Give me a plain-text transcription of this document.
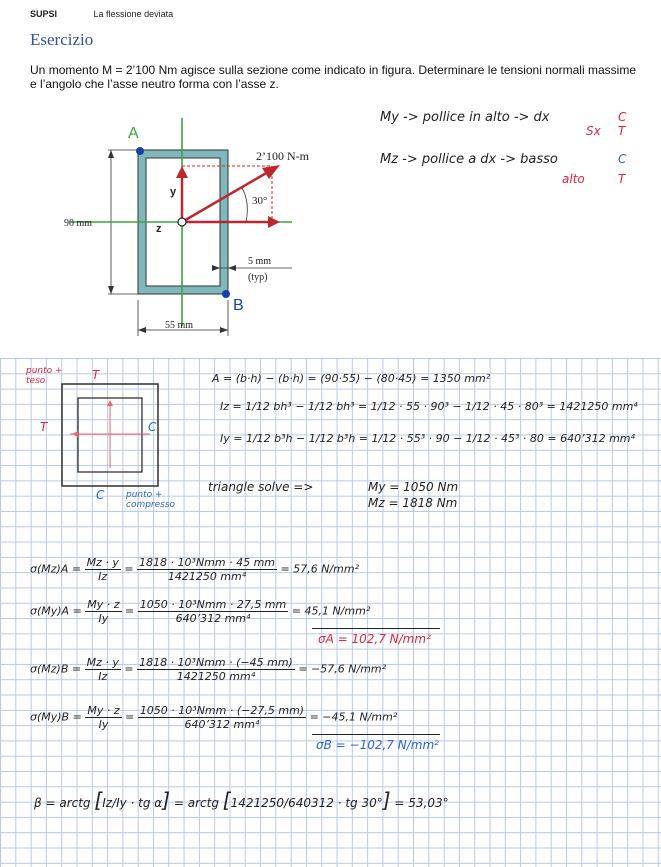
SUPSI	La flessione deviata
Esercizio
Un momento M = 2’100 Nm agisce sulla sezione come indicato in figura. Determinare le tensioni normali massime e l’angolo che l’asse neutro forma con l’asse z.
A
B
2’100 N-m
30°
90 mm
55 mm
5 mm
(typ)
y
z
My -> pollice in alto -> dx	C
Sx T
Mz -> pollice a dx -> basso	C
alto	T
punto + teso	T
T	C
C punto + compresso
A = (b·h) − (b·h) = (90·55) − (80·45) = 1350 mm²
Iz = 1/12 bh³ − 1/12 bh³ = 1/12 · 55 · 90³ − 1/12 · 45 · 80³ = 1421250 mm⁴
Iy = 1/12 b³h − 1/12 b³h = 1/12 · 55³ · 90 − 1/12 · 45³ · 80 = 640’312 mm⁴
triangle solve =>	My = 1050 Nm
Mz = 1818 Nm
$\sigma(Mz)A = \frac{Mz \cdot y}{Iz} = \frac{\text{1818 · 10³Nmm · 45 mm}}{\text{1421250 mm⁴}} = 57,6$ N/mm²
$\sigma(My)A = \frac{My \cdot z}{Iy} = \frac{\text{1050 · 10³Nmm · 27,5 mm}}{\text{640’312 mm⁴}} = 45,1$ N/mm²
σA = 102,7 N/mm²
$\sigma(Mz)B = \frac{Mz \cdot y}{Iz} = \frac{\text{1818 · 10³Nmm · (−45 mm)}}{\text{1421250 mm⁴}} = -57,6$ N/mm²
$\sigma(My)B = \frac{My \cdot z}{Iy} = \frac{\text{1050 · 10³Nmm · (−27,5 mm)}}{\text{640’312 mm⁴}} = -45,1$ N/mm²
σB = −102,7 N/mm²
β = arctg [Iz/Iy · tg α] = arctg [1421250/640312 · tg 30°] = 53,03°
